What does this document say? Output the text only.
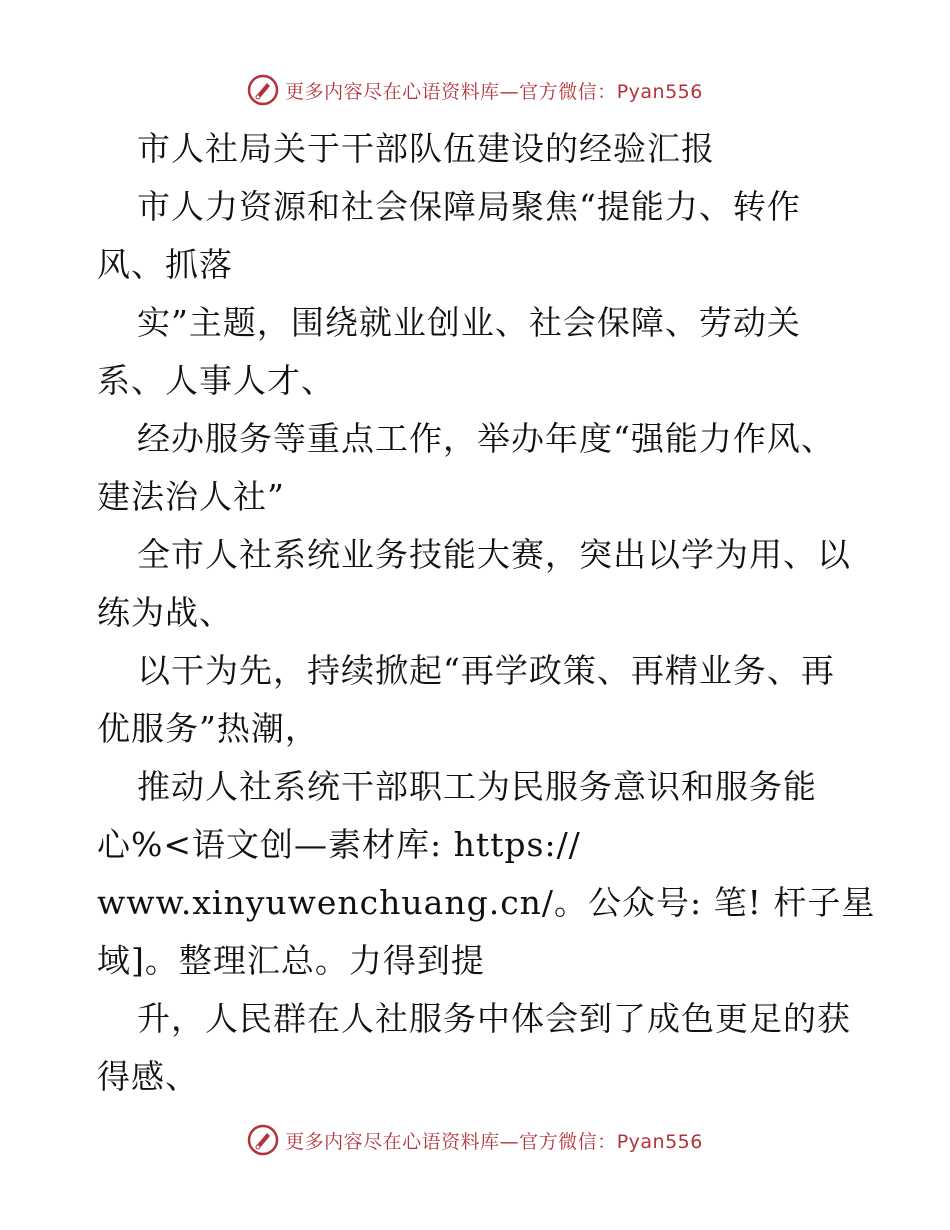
更多内容尽在心语资料库—官方微信：Pyan556
市人社局关于干部队伍建设的经验汇报
市人力资源和社会保障局聚焦“提能力、转作
风、抓落
实”主题，围绕就业创业、社会保障、劳动关
系、人事人才、
经办服务等重点工作，举办年度“强能力作风、
建法治人社”
全市人社系统业务技能大赛，突出以学为用、以
练为战、
以干为先，持续掀起“再学政策、再精业务、再
优服务”热潮，
推动人社系统干部职工为民服务意识和服务能
心%<语文创—素材库: https://
www.xinyuwenchuang.cn/。公众号: 笔! 杆子星
域]。整理汇总。力得到提
升，人民群在人社服务中体会到了成色更足的获
得感、
更多内容尽在心语资料库—官方微信：Pyan556
